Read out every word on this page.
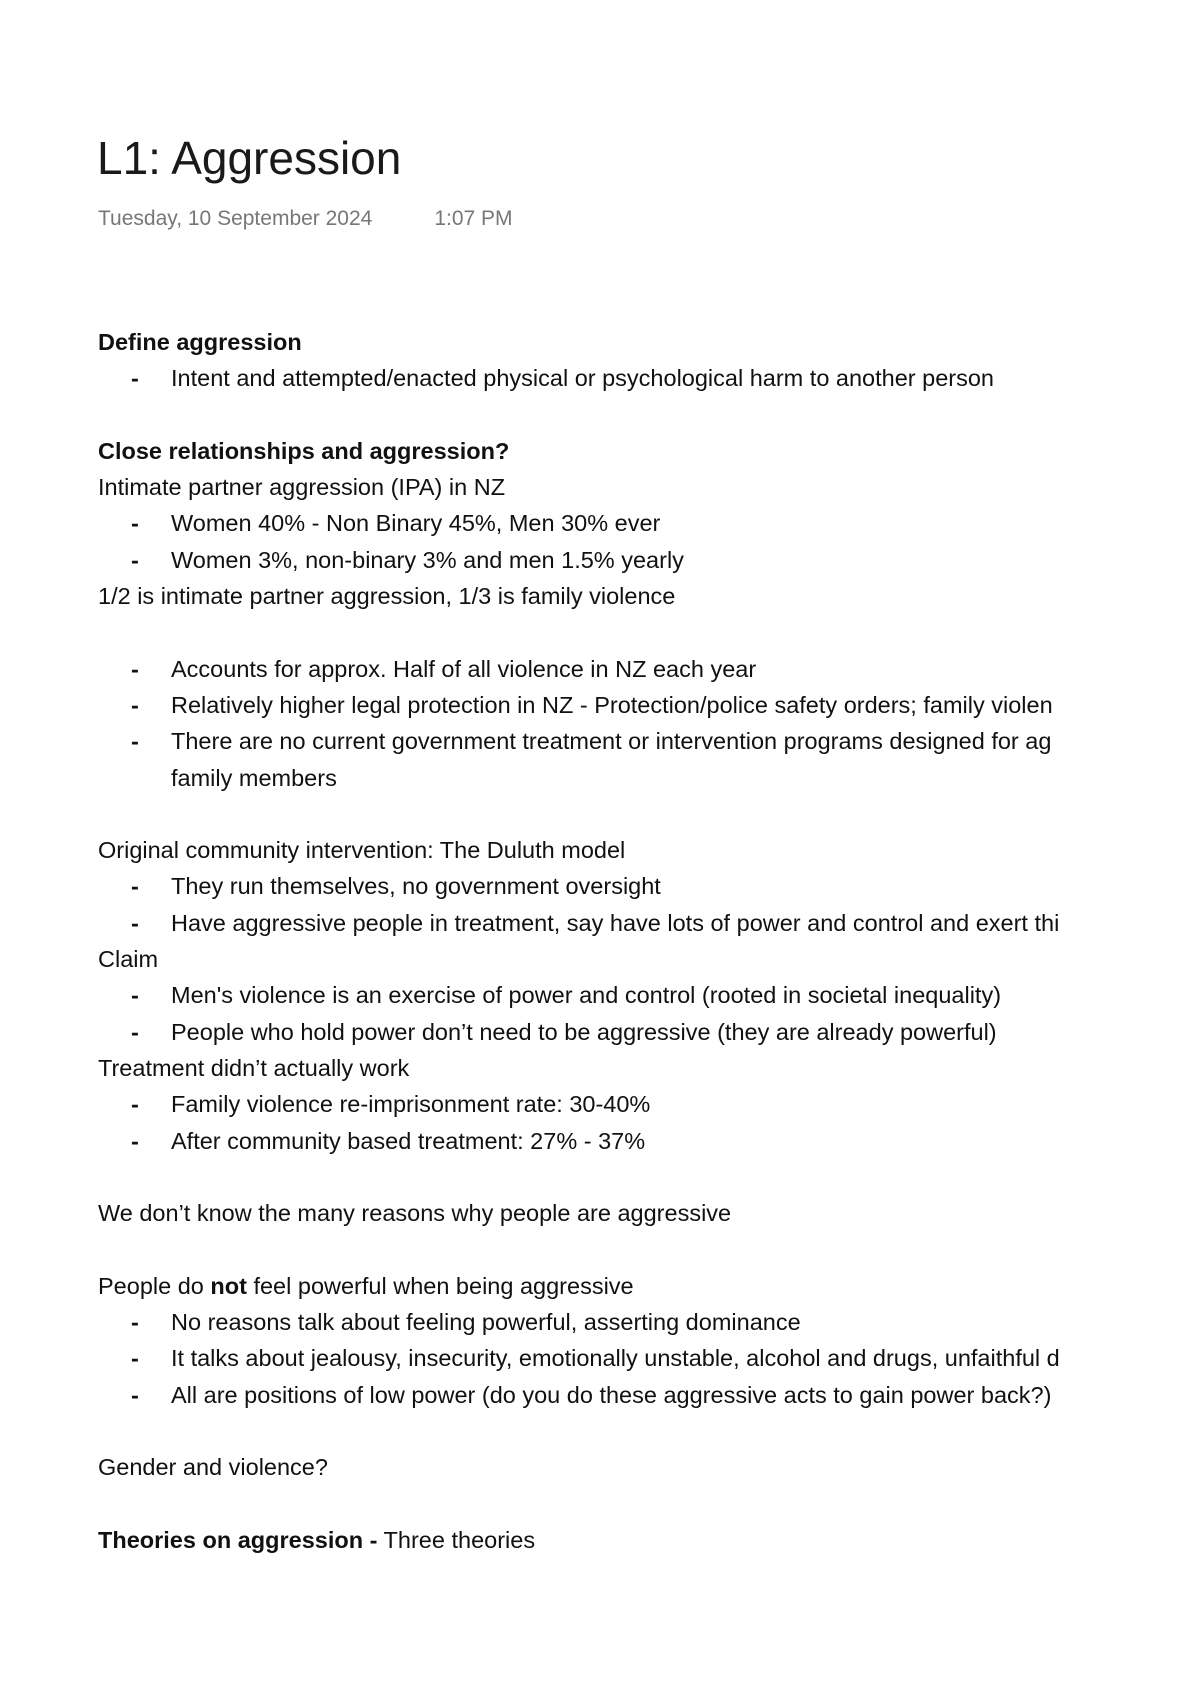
L1: Aggression
Tuesday, 10 September 2024	1:07 PM
Define aggression
- Intent and attempted/enacted physical or psychological harm to another person
Close relationships and aggression?
Intimate partner aggression (IPA) in NZ
- Women 40% - Non Binary 45%, Men 30% ever
- Women 3%, non-binary 3% and men 1.5% yearly
1/2 is intimate partner aggression, 1/3 is family violence
- Accounts for approx. Half of all violence in NZ each year
- Relatively higher legal protection in NZ - Protection/police safety orders; family violen
- There are no current government treatment or intervention programs designed for ag
family members
Original community intervention: The Duluth model
- They run themselves, no government oversight
- Have aggressive people in treatment, say have lots of power and control and exert thi
Claim
- Men's violence is an exercise of power and control (rooted in societal inequality)
- People who hold power don’t need to be aggressive (they are already powerful)
Treatment didn’t actually work
- Family violence re-imprisonment rate: 30-40%
- After community based treatment: 27% - 37%
We don’t know the many reasons why people are aggressive
People do not feel powerful when being aggressive
- No reasons talk about feeling powerful, asserting dominance
- It talks about jealousy, insecurity, emotionally unstable, alcohol and drugs, unfaithful d
- All are positions of low power (do you do these aggressive acts to gain power back?)
Gender and violence?
Theories on aggression - Three theories
